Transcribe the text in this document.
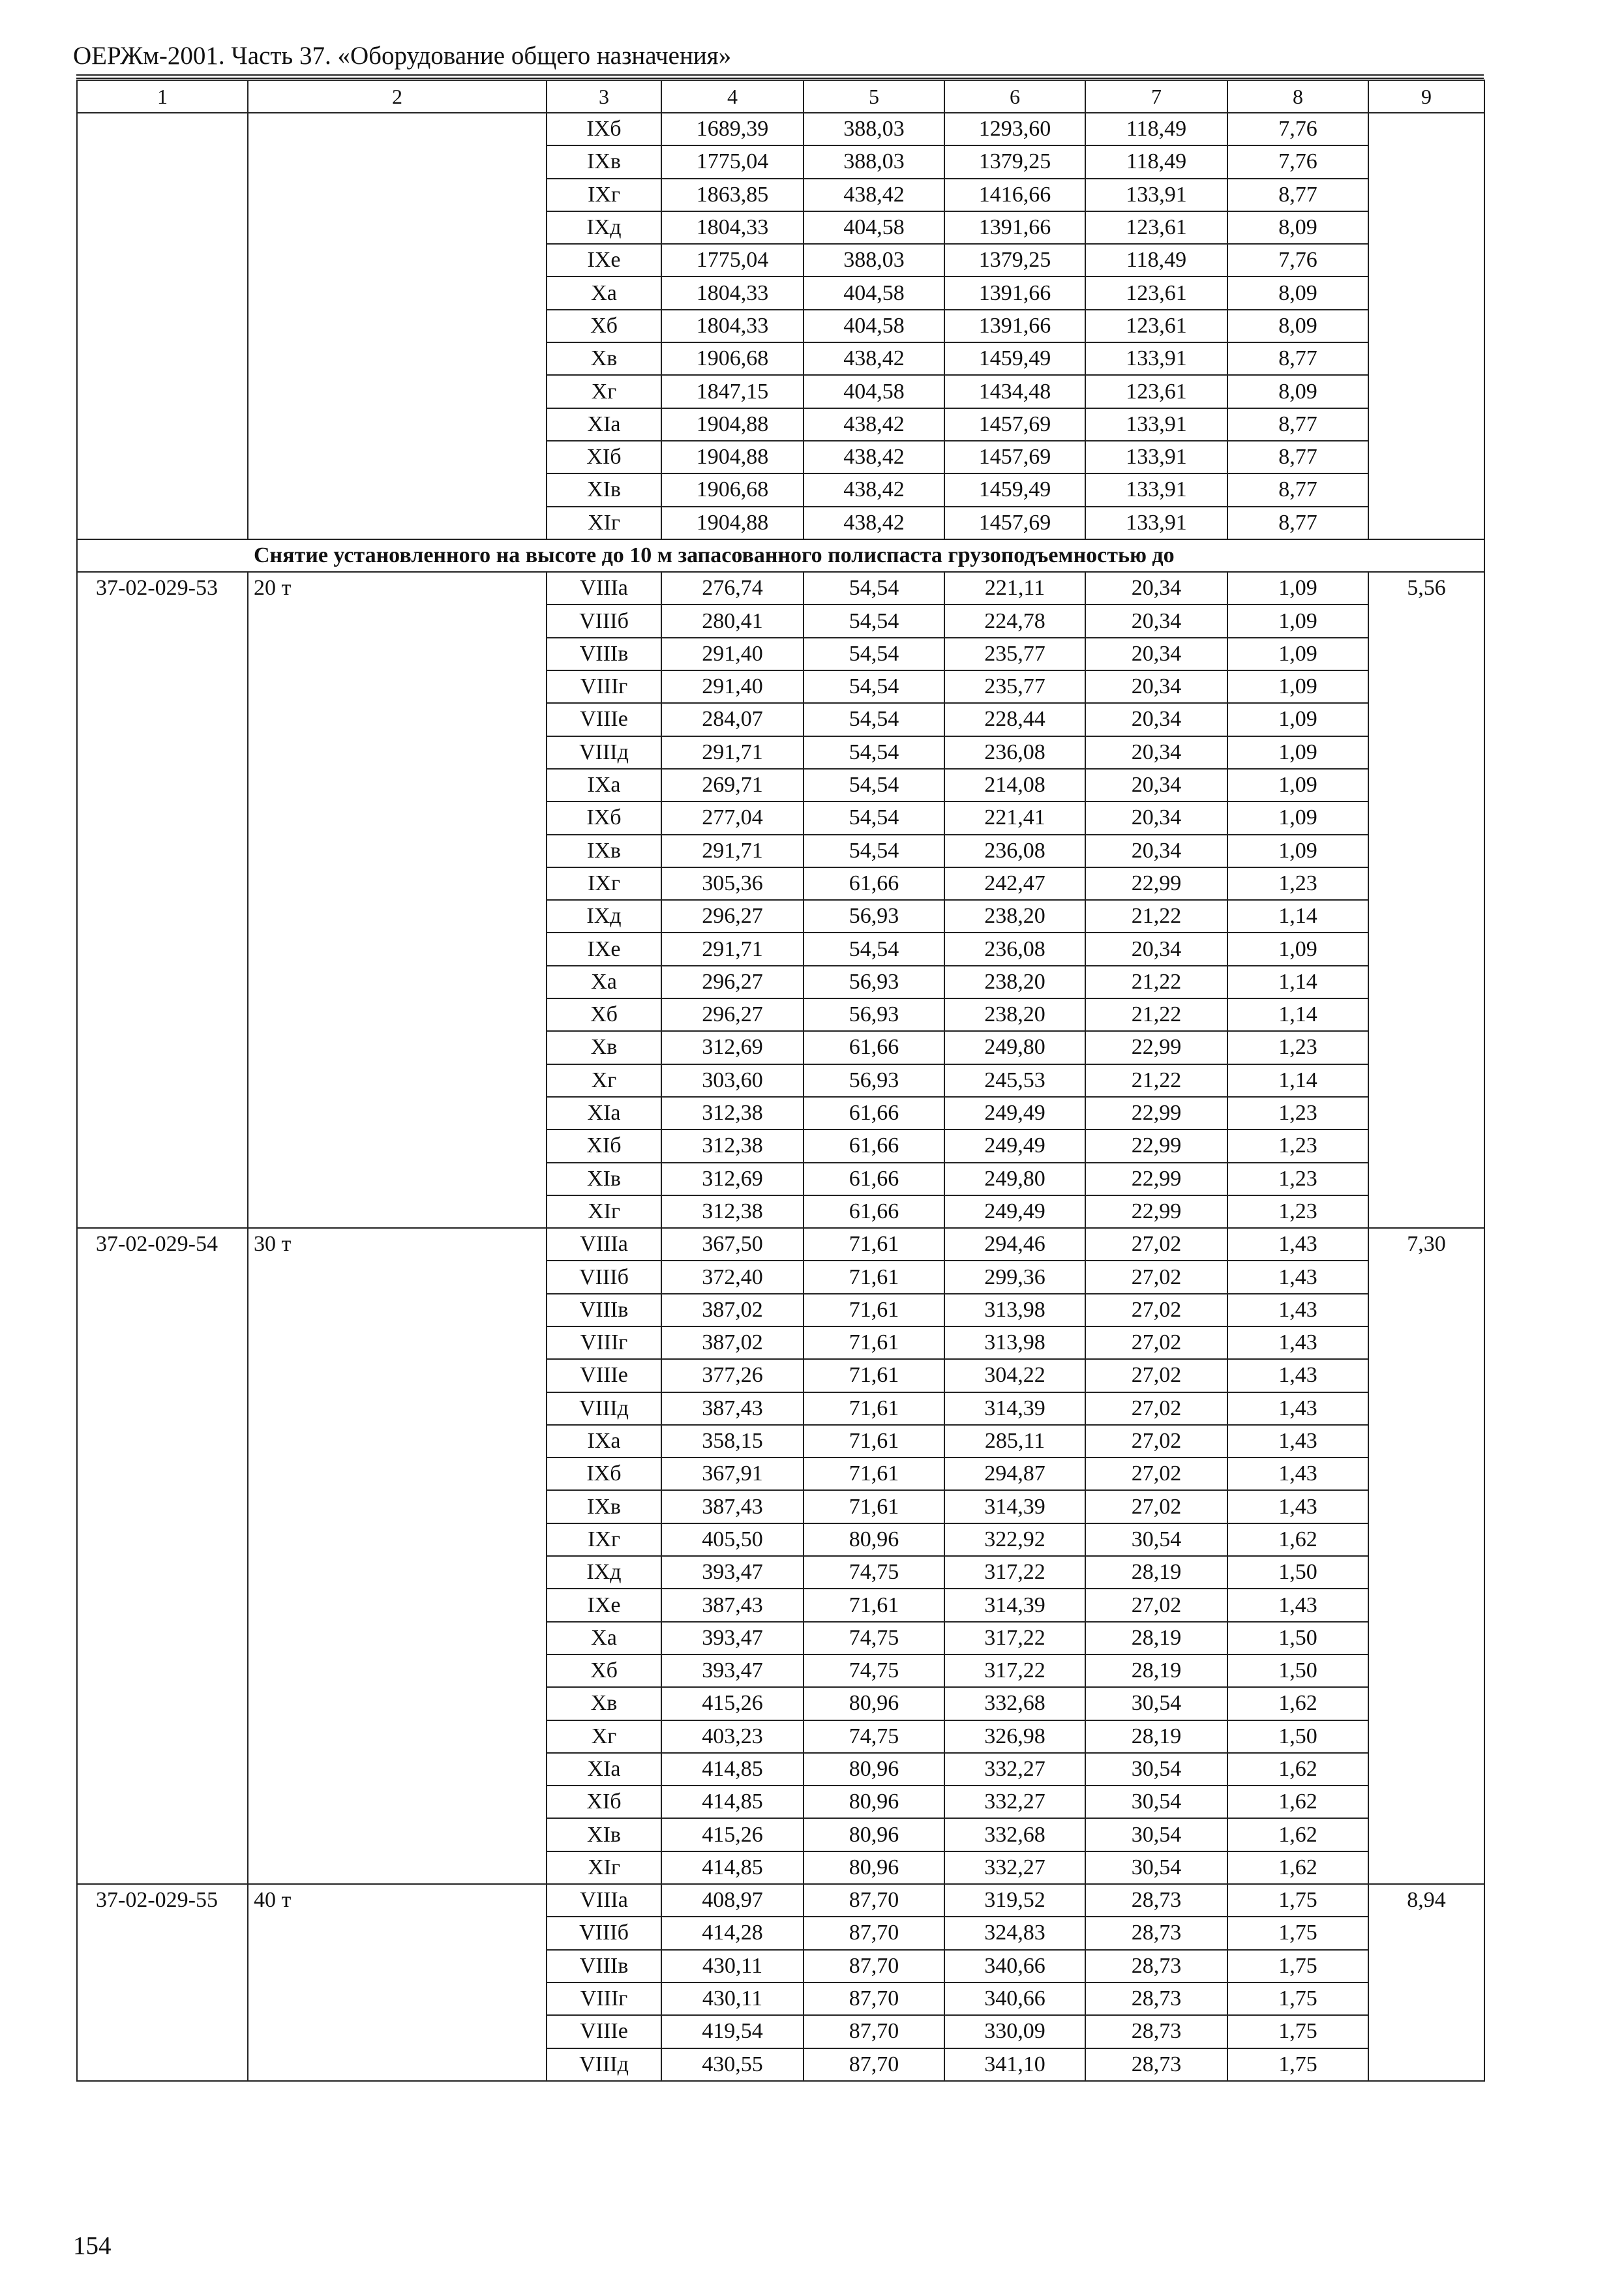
ОЕРЖм-2001. Часть 37. «Оборудование общего назначения»
1	2	3	4	5	6	7	8	9
		IXб	1689,39	388,03	1293,60	118,49	7,76	
		IXв	1775,04	388,03	1379,25	118,49	7,76	
		IXг	1863,85	438,42	1416,66	133,91	8,77	
		IXд	1804,33	404,58	1391,66	123,61	8,09	
		IXе	1775,04	388,03	1379,25	118,49	7,76	
		Xа	1804,33	404,58	1391,66	123,61	8,09	
		Xб	1804,33	404,58	1391,66	123,61	8,09	
		Xв	1906,68	438,42	1459,49	133,91	8,77	
		Xг	1847,15	404,58	1434,48	123,61	8,09	
		XIа	1904,88	438,42	1457,69	133,91	8,77	
		XIб	1904,88	438,42	1457,69	133,91	8,77	
		XIв	1906,68	438,42	1459,49	133,91	8,77	
		XIг	1904,88	438,42	1457,69	133,91	8,77	
Снятие установленного на высоте до 10 м запасованного полиспаста грузоподъемностью до								
37-02-029-53	20 т	VIIIа	276,74	54,54	221,11	20,34	1,09	5,56
		VIIIб	280,41	54,54	224,78	20,34	1,09	
		VIIIв	291,40	54,54	235,77	20,34	1,09	
		VIIIг	291,40	54,54	235,77	20,34	1,09	
		VIIIе	284,07	54,54	228,44	20,34	1,09	
		VIIIд	291,71	54,54	236,08	20,34	1,09	
		IXа	269,71	54,54	214,08	20,34	1,09	
		IXб	277,04	54,54	221,41	20,34	1,09	
		IXв	291,71	54,54	236,08	20,34	1,09	
		IXг	305,36	61,66	242,47	22,99	1,23	
		IXд	296,27	56,93	238,20	21,22	1,14	
		IXе	291,71	54,54	236,08	20,34	1,09	
		Xа	296,27	56,93	238,20	21,22	1,14	
		Xб	296,27	56,93	238,20	21,22	1,14	
		Xв	312,69	61,66	249,80	22,99	1,23	
		Xг	303,60	56,93	245,53	21,22	1,14	
		XIа	312,38	61,66	249,49	22,99	1,23	
		XIб	312,38	61,66	249,49	22,99	1,23	
		XIв	312,69	61,66	249,80	22,99	1,23	
		XIг	312,38	61,66	249,49	22,99	1,23	
37-02-029-54	30 т	VIIIа	367,50	71,61	294,46	27,02	1,43	7,30
		VIIIб	372,40	71,61	299,36	27,02	1,43	
		VIIIв	387,02	71,61	313,98	27,02	1,43	
		VIIIг	387,02	71,61	313,98	27,02	1,43	
		VIIIе	377,26	71,61	304,22	27,02	1,43	
		VIIIд	387,43	71,61	314,39	27,02	1,43	
		IXа	358,15	71,61	285,11	27,02	1,43	
		IXб	367,91	71,61	294,87	27,02	1,43	
		IXв	387,43	71,61	314,39	27,02	1,43	
		IXг	405,50	80,96	322,92	30,54	1,62	
		IXд	393,47	74,75	317,22	28,19	1,50	
		IXе	387,43	71,61	314,39	27,02	1,43	
		Xа	393,47	74,75	317,22	28,19	1,50	
		Xб	393,47	74,75	317,22	28,19	1,50	
		Xв	415,26	80,96	332,68	30,54	1,62	
		Xг	403,23	74,75	326,98	28,19	1,50	
		XIа	414,85	80,96	332,27	30,54	1,62	
		XIб	414,85	80,96	332,27	30,54	1,62	
		XIв	415,26	80,96	332,68	30,54	1,62	
		XIг	414,85	80,96	332,27	30,54	1,62	
37-02-029-55	40 т	VIIIа	408,97	87,70	319,52	28,73	1,75	8,94
		VIIIб	414,28	87,70	324,83	28,73	1,75	
		VIIIв	430,11	87,70	340,66	28,73	1,75	
		VIIIг	430,11	87,70	340,66	28,73	1,75	
		VIIIе	419,54	87,70	330,09	28,73	1,75	
		VIIIд	430,55	87,70	341,10	28,73	1,75	
154
